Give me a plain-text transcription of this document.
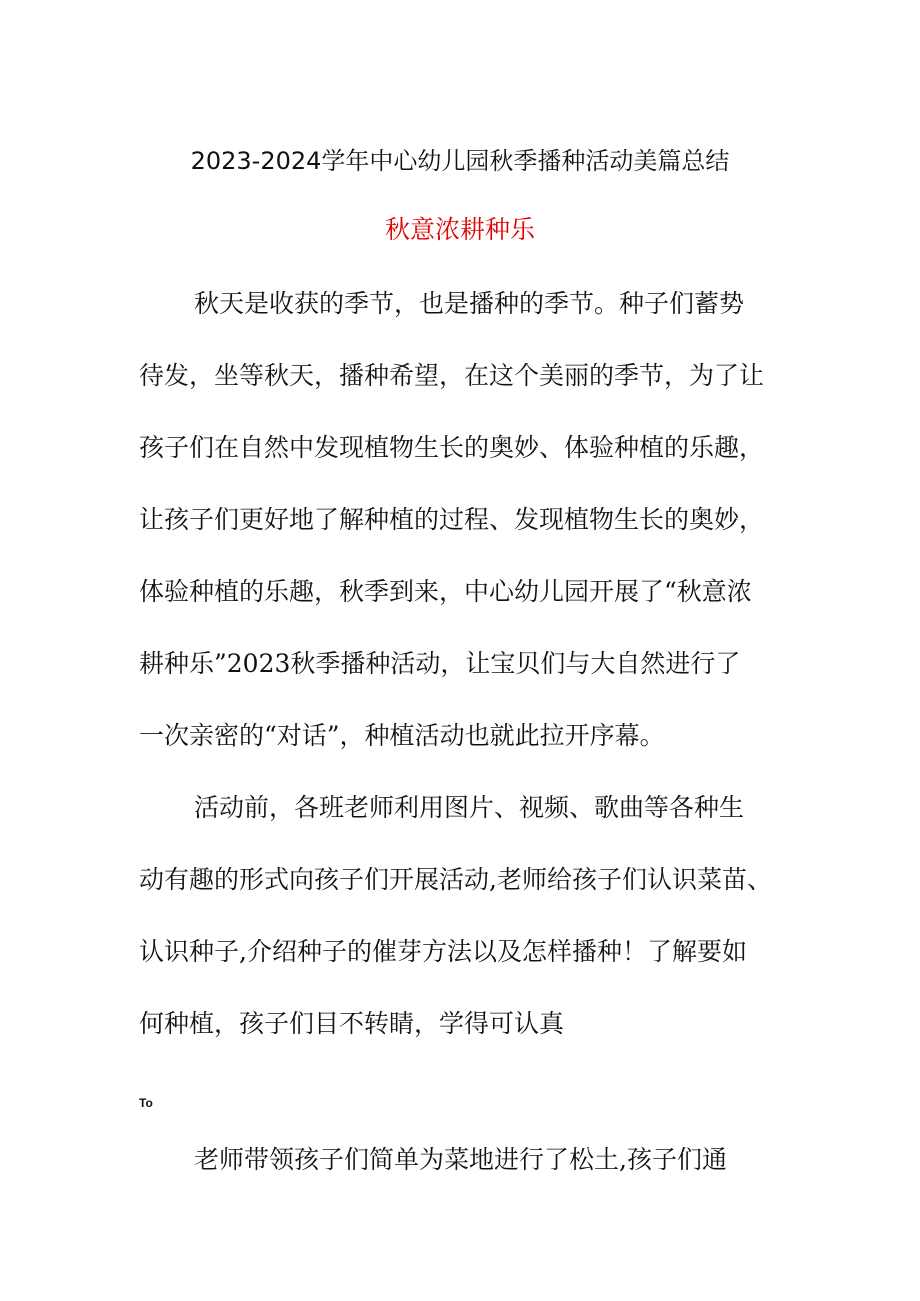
2023-2024学年中心幼儿园秋季播种活动美篇总结
秋意浓耕种乐
秋天是收获的季节，也是播种的季节。种子们蓄势
待发，坐等秋天，播种希望，在这个美丽的季节，为了让
孩子们在自然中发现植物生长的奥妙、体验种植的乐趣，
让孩子们更好地了解种植的过程、发现植物生长的奥妙，
体验种植的乐趣，秋季到来，中心幼儿园开展了“秋意浓
耕种乐”2023秋季播种活动，让宝贝们与大自然进行了
一次亲密的“对话”，种植活动也就此拉开序幕。
活动前，各班老师利用图片、视频、歌曲等各种生
动有趣的形式向孩子们开展活动,老师给孩子们认识菜苗、
认识种子,介绍种子的催芽方法以及怎样播种！了解要如
何种植，孩子们目不转睛，学得可认真
To
老师带领孩子们简单为菜地进行了松土,孩子们通
